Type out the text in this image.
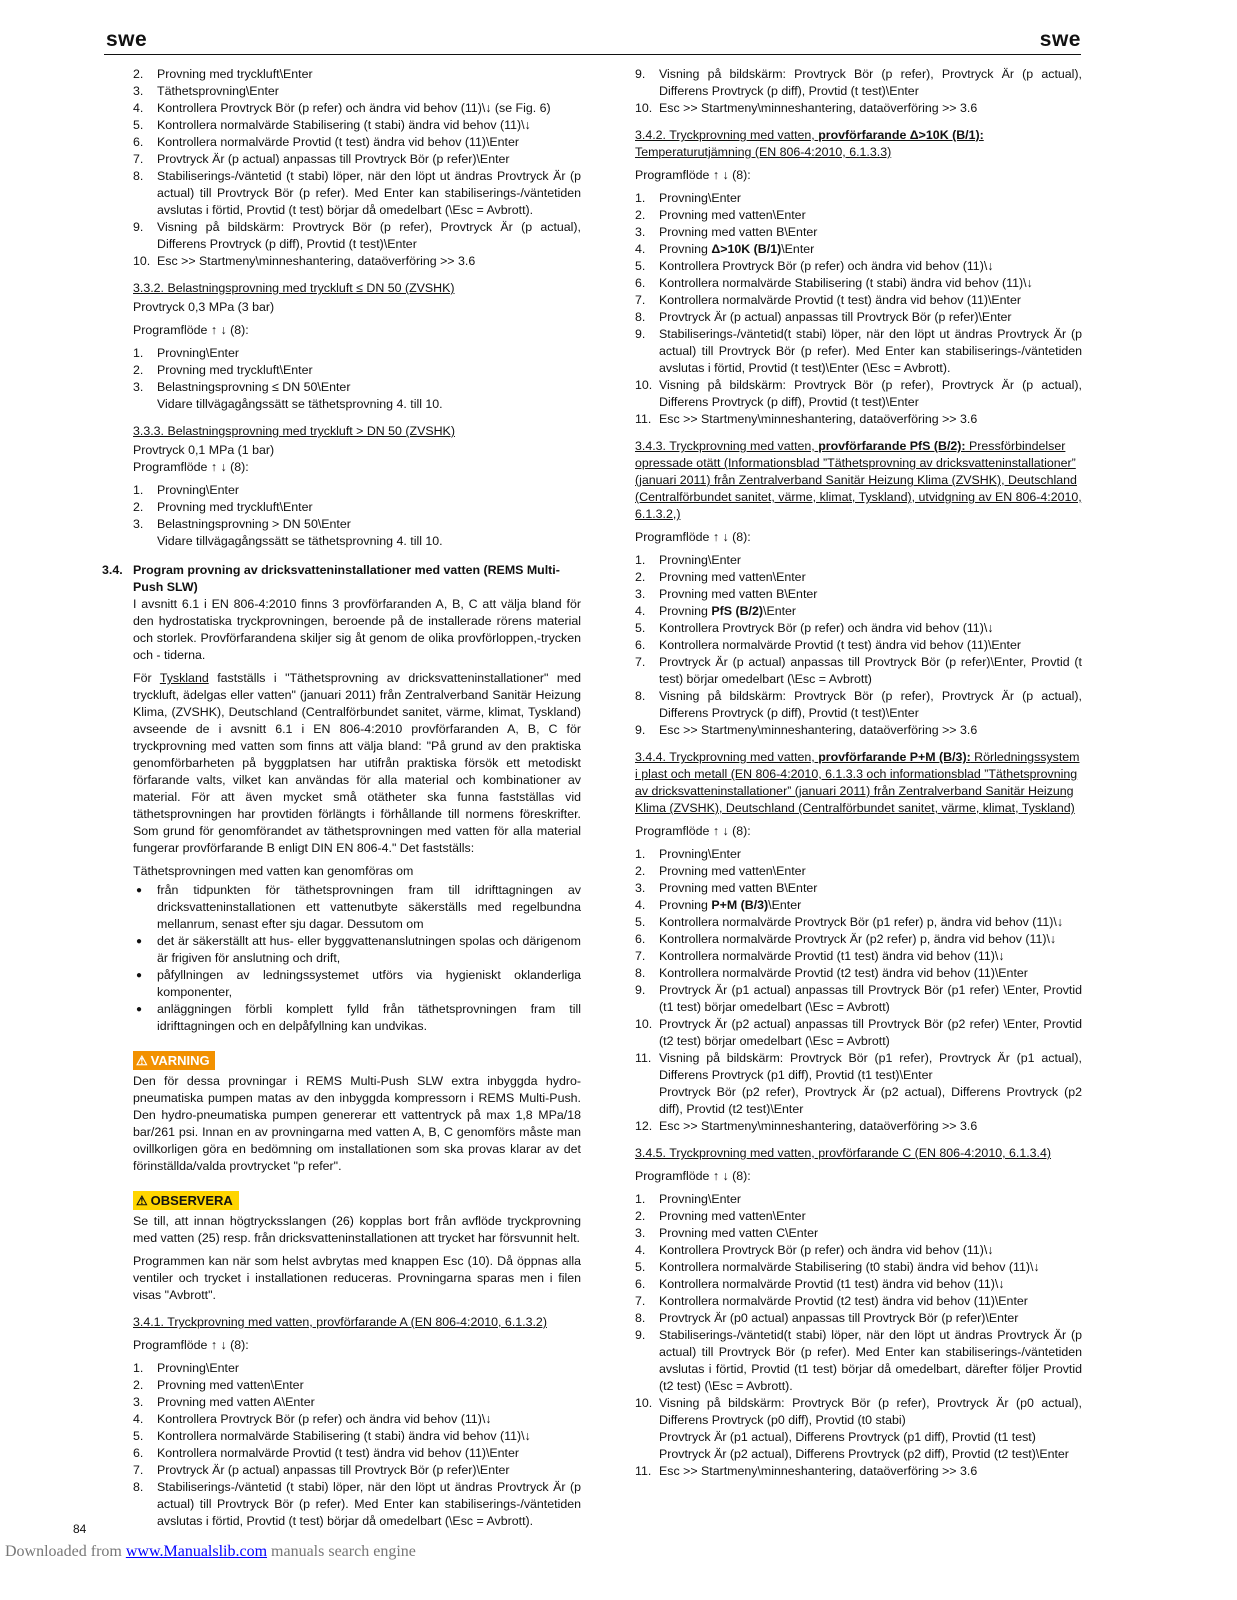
swe	swe
2. Provning med tryckluft\Enter
3. Täthetsprovning\Enter
4. Kontrollera Provtryck Bör (p refer) och ändra vid behov (11)\↓ (se Fig. 6)
5. Kontrollera normalvärde Stabilisering (t stabi) ändra vid behov (11)\↓
6. Kontrollera normalvärde Provtid (t test) ändra vid behov (11)\Enter
7. Provtryck Är (p actual) anpassas till Provtryck Bör (p refer)\Enter
8. Stabiliserings-/väntetid (t stabi) löper, när den löpt ut ändras Provtryck Är (p actual) till Provtryck Bör (p refer). Med Enter kan stabiliserings-/väntetiden avslutas i förtid, Provtid (t test) börjar då omedelbart (\Esc = Avbrott).
9. Visning på bildskärm: Provtryck Bör (p refer), Provtryck Är (p actual), Differens Provtryck (p diff), Provtid (t test)\Enter
10. Esc >> Startmeny\minneshantering, dataöverföring >> 3.6
3.3.2. Belastningsprovning med tryckluft ≤ DN 50 (ZVSHK)
Provtryck 0,3 MPa (3 bar)
Programflöde ↑ ↓ (8):
1. Provning\Enter
2. Provning med tryckluft\Enter
3. Belastningsprovning ≤ DN 50\Enter
Vidare tillvägagångssätt se täthetsprovning 4. till 10.
3.3.3. Belastningsprovning med tryckluft > DN 50 (ZVSHK)
Provtryck 0,1 MPa (1 bar)
Programflöde ↑ ↓ (8):
1. Provning\Enter
2. Provning med tryckluft\Enter
3. Belastningsprovning > DN 50\Enter
Vidare tillvägagångssätt se täthetsprovning 4. till 10.
3.4. Program provning av dricksvatteninstallationer med vatten (REMS Multi-Push SLW)

I avsnitt 6.1 i EN 806-4:2010 finns 3 provförfaranden A, B, C att välja bland för den hydrostatiska tryckprovningen, beroende på de installerade rörens material och storlek. Provförfarandena skiljer sig åt genom de olika provförloppen,-trycken och - tiderna.

För Tyskland fastställs i "Täthetsprovning av dricksvatteninstallationer" med tryckluft, ädelgas eller vatten" (januari 2011) från Zentralverband Sanitär Heizung Klima, (ZVSHK), Deutschland (Centralförbundet sanitet, värme, klimat, Tyskland) avseende de i avsnitt 6.1 i EN 806-4:2010 provförfaranden A, B, C för tryckprovning med vatten som finns att välja bland: "På grund av den praktiska genomförbarheten på byggplatsen har utifrån praktiska försök ett metodiskt förfarande valts, vilket kan användas för alla material och kombinationer av material. För att även mycket små otätheter ska funna fastställas vid täthetsprovningen har provtiden förlängts i förhållande till normens föreskrifter. Som grund för genomförandet av täthetsprovningen med vatten för alla material fungerar provförfarande B enligt DIN EN 806-4." Det fastställs:

Täthetsprovningen med vatten kan genomföras om

● från tidpunkten för täthetsprovningen fram till idrifttagningen av dricksvatteninstallationen ett vattenutbyte säkerställs med regelbundna mellanrum, senast efter sju dagar. Dessutom om
● det är säkerställt att hus- eller byggvattenanslutningen spolas och därigenom är frigiven för anslutning och drift,
● påfyllningen av ledningssystemet utförs via hygieniskt oklanderliga komponenter,
● anläggningen förbli komplett fylld från täthetsprovningen fram till idrifttagningen och en delpåfyllning kan undvikas.
⚠ VARNING

Den för dessa provningar i REMS Multi-Push SLW extra inbyggda hydro-pneumatiska pumpen matas av den inbyggda kompressorn i REMS Multi-Push. Den hydro-pneumatiska pumpen genererar ett vattentryck på max 1,8 MPa/18 bar/261 psi. Innan en av provningarna med vatten A, B, C genomförs måste man ovillkorligen göra en bedömning om installationen som ska provas klarar av det förinställda/valda provtrycket "p refer".

⚠ OBSERVERA

Se till, att innan högtrycksslangen (26) kopplas bort från avflöde tryckprovning med vatten (25) resp. från dricksvatteninstallationen att trycket har försvunnit helt.

Programmen kan när som helst avbrytas med knappen Esc (10). Då öppnas alla ventiler och trycket i installationen reduceras. Provningarna sparas men i filen visas "Avbrott".

3.4.1. Tryckprovning med vatten, provförfarande A (EN 806-4:2010, 6.1.3.2)
Programflöde ↑ ↓ (8):
1. Provning\Enter
2. Provning med vatten\Enter
3. Provning med vatten A\Enter
4. Kontrollera Provtryck Bör (p refer) och ändra vid behov (11)\↓
5. Kontrollera normalvärde Stabilisering (t stabi) ändra vid behov (11)\↓
6. Kontrollera normalvärde Provtid (t test) ändra vid behov (11)\Enter
7. Provtryck Är (p actual) anpassas till Provtryck Bör (p refer)\Enter
8. Stabiliserings-/väntetid (t stabi) löper, när den löpt ut ändras Provtryck Är (p actual) till Provtryck Bör (p refer). Med Enter kan stabiliserings-/väntetiden avslutas i förtid, Provtid (t test) börjar då omedelbart (\Esc = Avbrott).
9. Visning på bildskärm: Provtryck Bör (p refer), Provtryck Är (p actual), Differens Provtryck (p diff), Provtid (t test)\Enter
10. Esc >> Startmeny\minneshantering, dataöverföring >> 3.6
3.4.2. Tryckprovning med vatten, provförfarande Δ>10K (B/1): Temperaturutjämning (EN 806-4:2010, 6.1.3.3)
Programflöde ↑ ↓ (8):
1. Provning\Enter
2. Provning med vatten\Enter
3. Provning med vatten B\Enter
4. Provning Δ>10K (B/1)\Enter
5. Kontrollera Provtryck Bör (p refer) och ändra vid behov (11)\↓
6. Kontrollera normalvärde Stabilisering (t stabi) ändra vid behov (11)\↓
7. Kontrollera normalvärde Provtid (t test) ändra vid behov (11)\Enter
8. Provtryck Är (p actual) anpassas till Provtryck Bör (p refer)\Enter
9. Stabiliserings-/väntetid(t stabi) löper, när den löpt ut ändras Provtryck Är (p actual) till Provtryck Bör (p refer). Med Enter kan stabiliserings-/väntetiden avslutas i förtid, Provtid (t test)\Enter (\Esc = Avbrott).
10. Visning på bildskärm: Provtryck Bör (p refer), Provtryck Är (p actual), Differens Provtryck (p diff), Provtid (t test)\Enter
11. Esc >> Startmeny\minneshantering, dataöverföring >> 3.6
3.4.3. Tryckprovning med vatten, provförfarande PfS (B/2): Pressförbindelser opressade otätt (Informationsblad ”Täthetsprovning av dricksvatteninstallationer” (januari 2011) från Zentralverband Sanitär Heizung Klima (ZVSHK), Deutschland (Centralförbundet sanitet, värme, klimat, Tyskland), utvidgning av EN 806-4:2010, 6.1.3.2,)
Programflöde ↑ ↓ (8):
1. Provning\Enter
2. Provning med vatten\Enter
3. Provning med vatten B\Enter
4. Provning PfS (B/2)\Enter
5. Kontrollera Provtryck Bör (p refer) och ändra vid behov (11)\↓
6. Kontrollera normalvärde Provtid (t test) ändra vid behov (11)\Enter
7. Provtryck Är (p actual) anpassas till Provtryck Bör (p refer)\Enter, Provtid (t test) börjar omedelbart (\Esc = Avbrott)
8. Visning på bildskärm: Provtryck Bör (p refer), Provtryck Är (p actual), Differens Provtryck (p diff), Provtid (t test)\Enter
9. Esc >> Startmeny\minneshantering, dataöverföring >> 3.6
3.4.4. Tryckprovning med vatten, provförfarande P+M (B/3): Rörledningssystem i plast och metall (EN 806-4:2010, 6.1.3.3 och informationsblad ”Täthetsprovning av dricksvatteninstallationer” (januari 2011) från Zentralverband Sanitär Heizung Klima (ZVSHK), Deutschland (Centralförbundet sanitet, värme, klimat, Tyskland)
Programflöde ↑ ↓ (8):
1. Provning\Enter
2. Provning med vatten\Enter
3. Provning med vatten B\Enter
4. Provning P+M (B/3)\Enter
5. Kontrollera normalvärde Provtryck Bör (p1 refer) p, ändra vid behov (11)\↓
6. Kontrollera normalvärde Provtryck Är (p2 refer) p, ändra vid behov (11)\↓
7. Kontrollera normalvärde Provtid (t1 test) ändra vid behov (11)\↓
8. Kontrollera normalvärde Provtid (t2 test) ändra vid behov (11)\Enter
9. Provtryck Är (p1 actual) anpassas till Provtryck Bör (p1 refer) \Enter, Provtid (t1 test) börjar omedelbart (\Esc = Avbrott)
10. Provtryck Är (p2 actual) anpassas till Provtryck Bör (p2 refer) \Enter, Provtid (t2 test) börjar omedelbart (\Esc = Avbrott)
11. Visning på bildskärm: Provtryck Bör (p1 refer), Provtryck Är (p1 actual), Differens Provtryck (p1 diff), Provtid (t1 test)\Enter
Provtryck Bör (p2 refer), Provtryck Är (p2 actual), Differens Provtryck (p2 diff), Provtid (t2 test)\Enter
12. Esc >> Startmeny\minneshantering, dataöverföring >> 3.6
3.4.5. Tryckprovning med vatten, provförfarande C (EN 806-4:2010, 6.1.3.4)
Programflöde ↑ ↓ (8):
1. Provning\Enter
2. Provning med vatten\Enter
3. Provning med vatten C\Enter
4. Kontrollera Provtryck Bör (p refer) och ändra vid behov (11)\↓
5. Kontrollera normalvärde Stabilisering (t0 stabi) ändra vid behov (11)\↓
6. Kontrollera normalvärde Provtid (t1 test) ändra vid behov (11)\↓
7. Kontrollera normalvärde Provtid (t2 test) ändra vid behov (11)\Enter
8. Provtryck Är (p0 actual) anpassas till Provtryck Bör (p refer)\Enter
9. Stabiliserings-/väntetid(t stabi) löper, när den löpt ut ändras Provtryck Är (p actual) till Provtryck Bör (p refer). Med Enter kan stabiliserings-/väntetiden avslutas i förtid, Provtid (t1 test) börjar då omedelbart, därefter följer Provtid (t2 test) (\Esc = Avbrott).
10. Visning på bildskärm: Provtryck Bör (p refer), Provtryck Är (p0 actual), Differens Provtryck (p0 diff), Provtid (t0 stabi)
Provtryck Är (p1 actual), Differens Provtryck (p1 diff), Provtid (t1 test)
Provtryck Är (p2 actual), Differens Provtryck (p2 diff), Provtid (t2 test)\Enter
11. Esc >> Startmeny\minneshantering, dataöverföring >> 3.6
84
Downloaded from www.Manualslib.com manuals search engine
